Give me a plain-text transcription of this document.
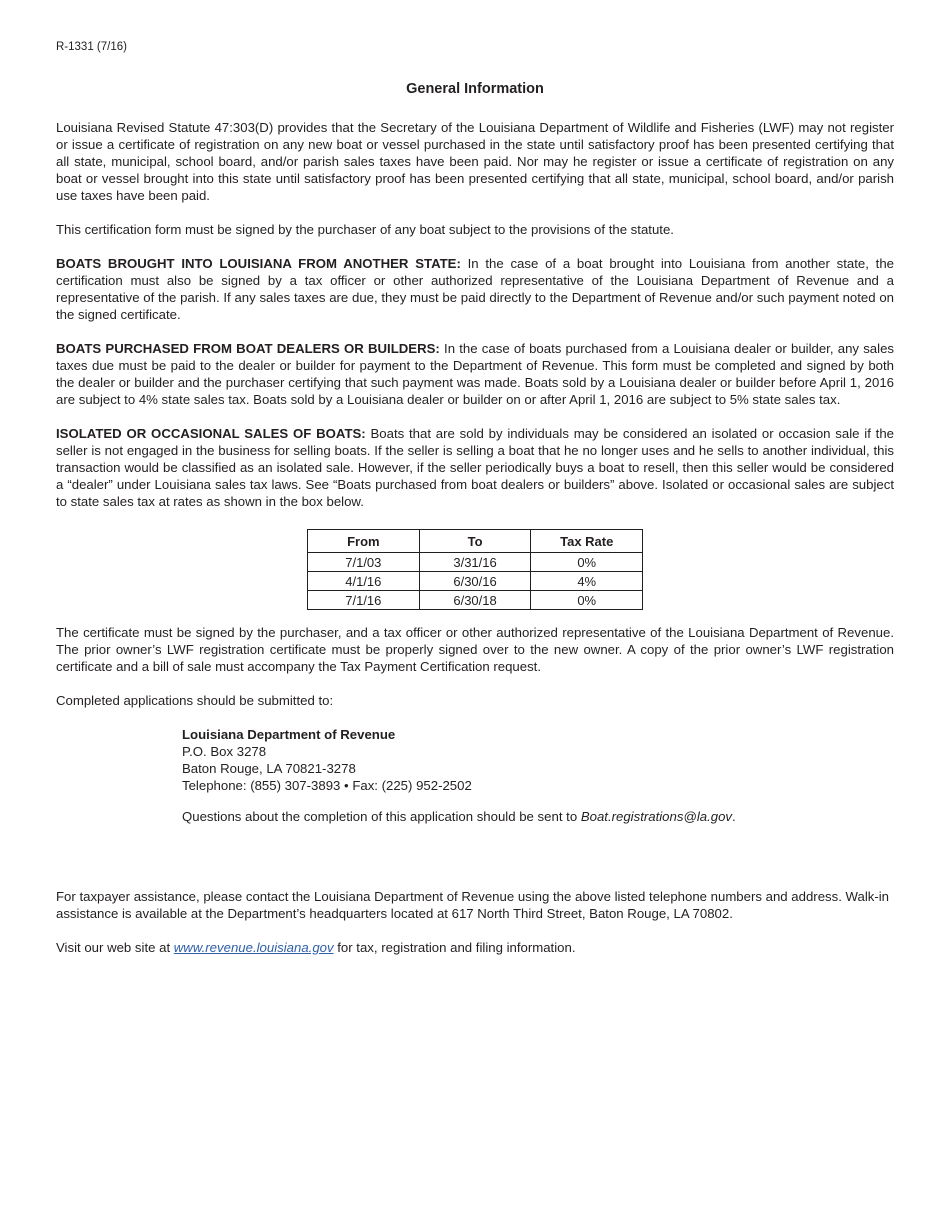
R-1331 (7/16)
General Information

Louisiana Revised Statute 47:303(D) provides that the Secretary of the Louisiana Department of Wildlife and Fisheries (LWF) may not register or issue a certificate of registration on any new boat or vessel purchased in the state until satisfactory proof has been presented certifying that all state, municipal, school board, and/or parish sales taxes have been paid. Nor may he register or issue a certificate of registration on any boat or vessel brought into this state until satisfactory proof has been presented certifying that all state, municipal, school board, and/or parish use taxes have been paid.

This certification form must be signed by the purchaser of any boat subject to the provisions of the statute.

BOATS BROUGHT INTO LOUISIANA FROM ANOTHER STATE: In the case of a boat brought into Louisiana from another state, the certification must also be signed by a tax officer or other authorized representative of the Louisiana Department of Revenue and a representative of the parish. If any sales taxes are due, they must be paid directly to the Department of Revenue and/or such payment noted on the signed certificate.

BOATS PURCHASED FROM BOAT DEALERS OR BUILDERS: In the case of boats purchased from a Louisiana dealer or builder, any sales taxes due must be paid to the dealer or builder for payment to the Department of Revenue. This form must be completed and signed by both the dealer or builder and the purchaser certifying that such payment was made. Boats sold by a Louisiana dealer or builder before April 1, 2016 are subject to 4% state sales tax. Boats sold by a Louisiana dealer or builder on or after April 1, 2016 are subject to 5% state sales tax.

ISOLATED OR OCCASIONAL SALES OF BOATS: Boats that are sold by individuals may be considered an isolated or occasion sale if the seller is not engaged in the business for selling boats. If the seller is selling a boat that he no longer uses and he sells to another individual, this transaction would be classified as an isolated sale. However, if the seller periodically buys a boat to resell, then this seller would be considered a “dealer” under Louisiana sales tax laws. See “Boats purchased from boat dealers or builders” above. Isolated or occasional sales are subject to state sales tax at rates as shown in the box below.

From	To	Tax Rate
7/1/03	3/31/16	0%
4/1/16	6/30/16	4%
7/1/16	6/30/18	0%

The certificate must be signed by the purchaser, and a tax officer or other authorized representative of the Louisiana Department of Revenue. The prior owner’s LWF registration certificate must be properly signed over to the new owner. A copy of the prior owner’s LWF registration certificate and a bill of sale must accompany the Tax Payment Certification request.

Completed applications should be submitted to:

Louisiana Department of Revenue
P.O. Box 3278
Baton Rouge, LA 70821-3278
Telephone: (855) 307-3893 • Fax: (225) 952-2502

Questions about the completion of this application should be sent to Boat.registrations@la.gov.

For taxpayer assistance, please contact the Louisiana Department of Revenue using the above listed telephone numbers and address. Walk-in assistance is available at the Department’s headquarters located at 617 North Third Street, Baton Rouge, LA 70802.

Visit our web site at www.revenue.louisiana.gov for tax, registration and filing information.
